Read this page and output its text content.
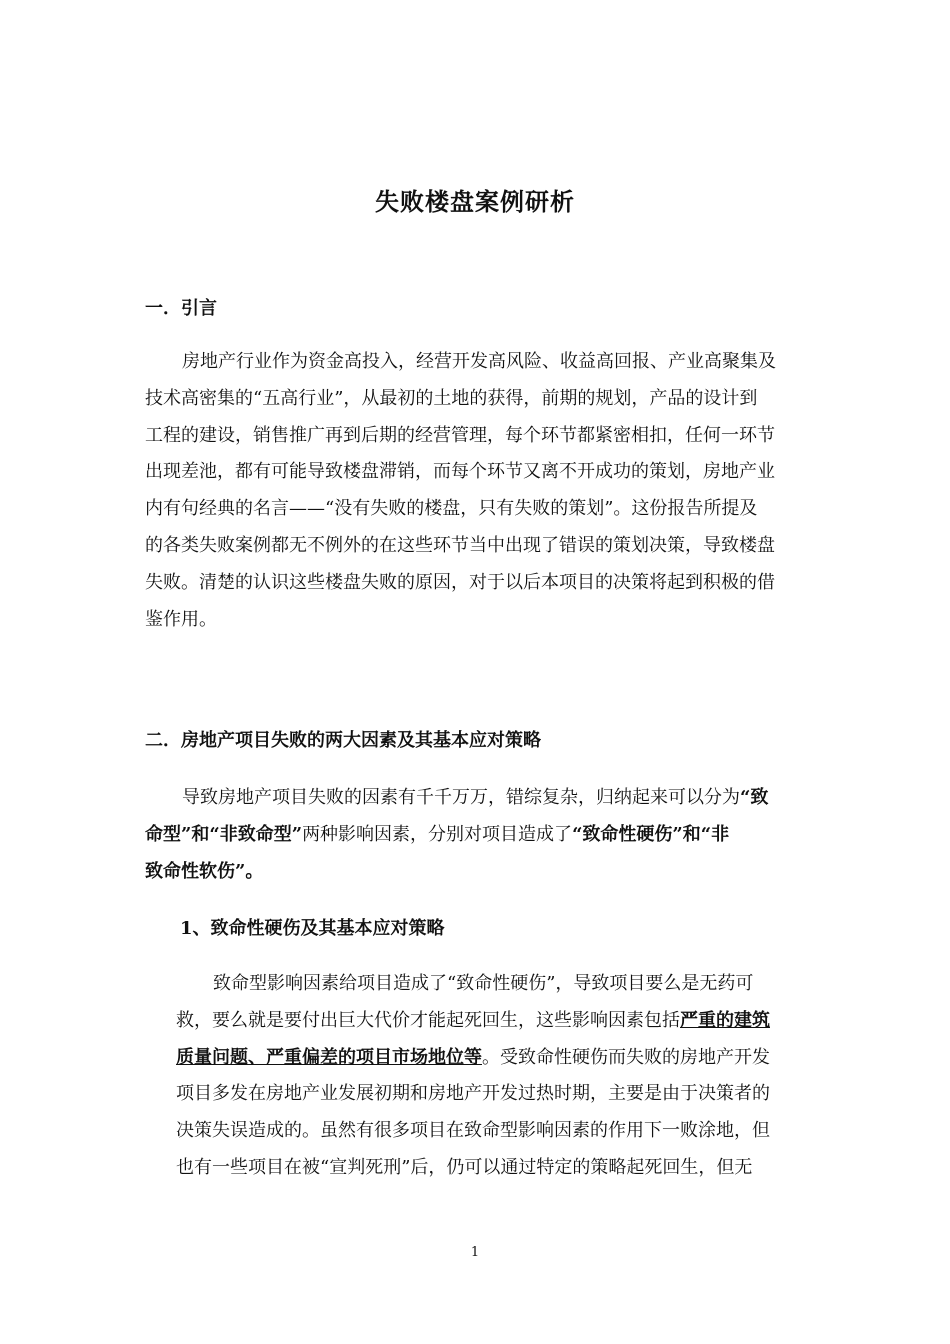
失败楼盘案例研析
一．引言
房地产行业作为资金高投入，经营开发高风险、收益高回报、产业高聚集及
技术高密集的“五高行业”，从最初的土地的获得，前期的规划，产品的设计到
工程的建设，销售推广再到后期的经营管理，每个环节都紧密相扣，任何一环节
出现差池，都有可能导致楼盘滞销，而每个环节又离不开成功的策划，房地产业
内有句经典的名言——“没有失败的楼盘，只有失败的策划”。这份报告所提及
的各类失败案例都无不例外的在这些环节当中出现了错误的策划决策，导致楼盘
失败。清楚的认识这些楼盘失败的原因，对于以后本项目的决策将起到积极的借
鉴作用。
二．房地产项目失败的两大因素及其基本应对策略
导致房地产项目失败的因素有千千万万，错综复杂，归纳起来可以分为“致
命型”和“非致命型”两种影响因素，分别对项目造成了“致命性硬伤”和“非
致命性软伤”。
1、致命性硬伤及其基本应对策略
致命型影响因素给项目造成了“致命性硬伤”，导致项目要么是无药可
救，要么就是要付出巨大代价才能起死回生，这些影响因素包括严重的建筑
质量问题、严重偏差的项目市场地位等。受致命性硬伤而失败的房地产开发
项目多发在房地产业发展初期和房地产开发过热时期，主要是由于决策者的
决策失误造成的。虽然有很多项目在致命型影响因素的作用下一败涂地，但
也有一些项目在被“宣判死刑”后，仍可以通过特定的策略起死回生，但无
1
